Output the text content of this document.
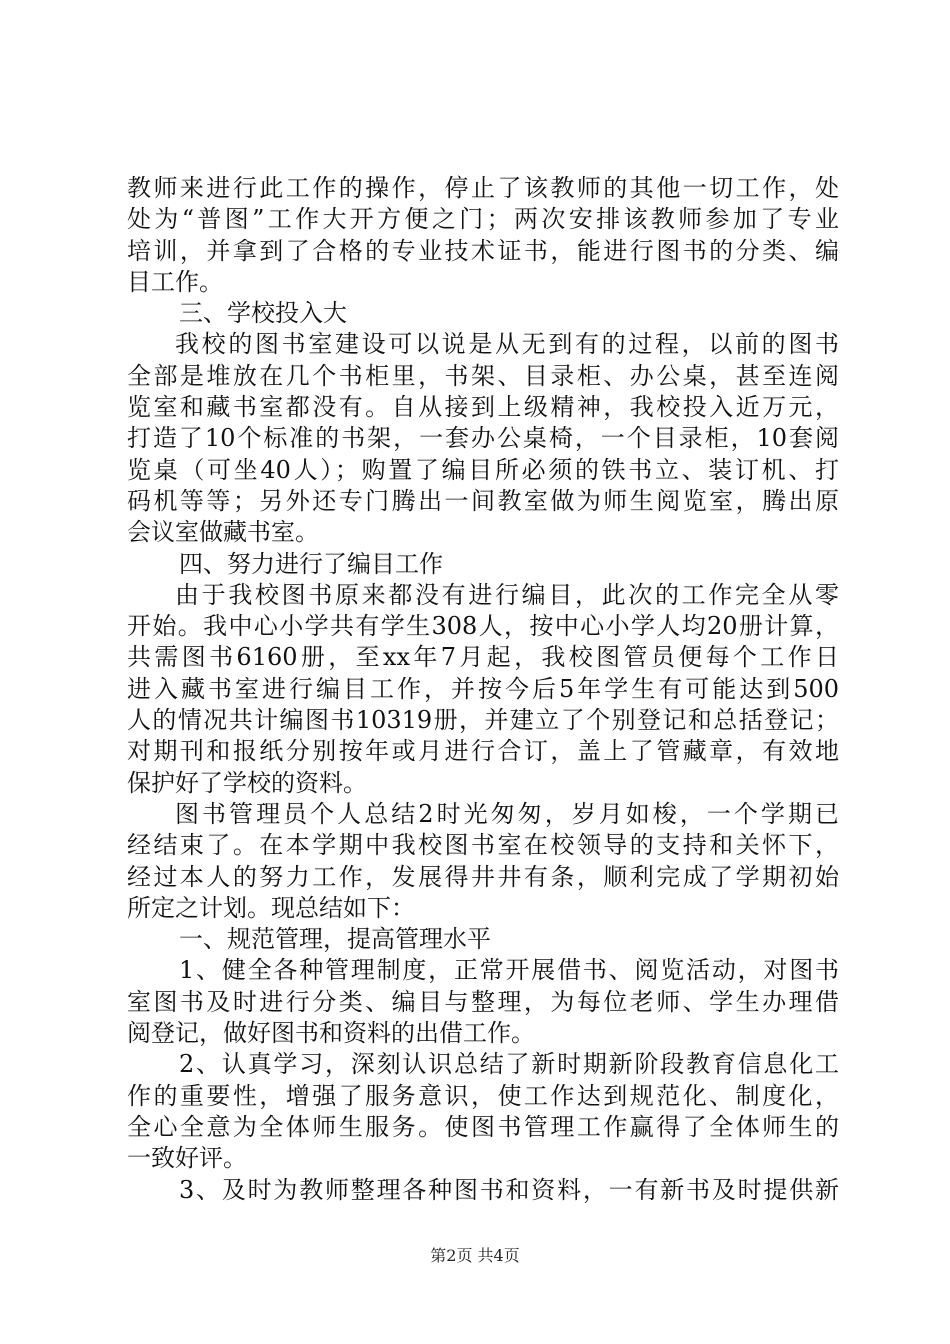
教师来进行此工作的操作，停止了该教师的其他一切工作，处
处为“普图”工作大开方便之门；两次安排该教师参加了专业
培训，并拿到了合格的专业技术证书，能进行图书的分类、编
目工作。
三、学校投入大
我校的图书室建设可以说是从无到有的过程，以前的图书
全部是堆放在几个书柜里，书架、目录柜、办公桌，甚至连阅
览室和藏书室都没有。自从接到上级精神，我校投入近万元，
打造了10个标准的书架，一套办公桌椅，一个目录柜，10套阅
览桌（可坐40人）；购置了编目所必须的铁书立、装订机、打
码机等等；另外还专门腾出一间教室做为师生阅览室，腾出原
会议室做藏书室。
四、努力进行了编目工作
由于我校图书原来都没有进行编目，此次的工作完全从零
开始。我中心小学共有学生308人，按中心小学人均20册计算，
共需图书6160册，至xx年7月起，我校图管员便每个工作日
进入藏书室进行编目工作，并按今后5年学生有可能达到500
人的情况共计编图书10319册，并建立了个别登记和总括登记；
对期刊和报纸分别按年或月进行合订，盖上了管藏章，有效地
保护好了学校的资料。
图书管理员个人总结2时光匆匆，岁月如梭，一个学期已
经结束了。在本学期中我校图书室在校领导的支持和关怀下，
经过本人的努力工作，发展得井井有条，顺利完成了学期初始
所定之计划。现总结如下：
一、规范管理，提高管理水平
1、健全各种管理制度，正常开展借书、阅览活动，对图书
室图书及时进行分类、编目与整理，为每位老师、学生办理借
阅登记，做好图书和资料的出借工作。
2、认真学习，深刻认识总结了新时期新阶段教育信息化工
作的重要性，增强了服务意识，使工作达到规范化、制度化，
全心全意为全体师生服务。使图书管理工作赢得了全体师生的
一致好评。
3、及时为教师整理各种图书和资料，一有新书及时提供新
第2页 共4页
